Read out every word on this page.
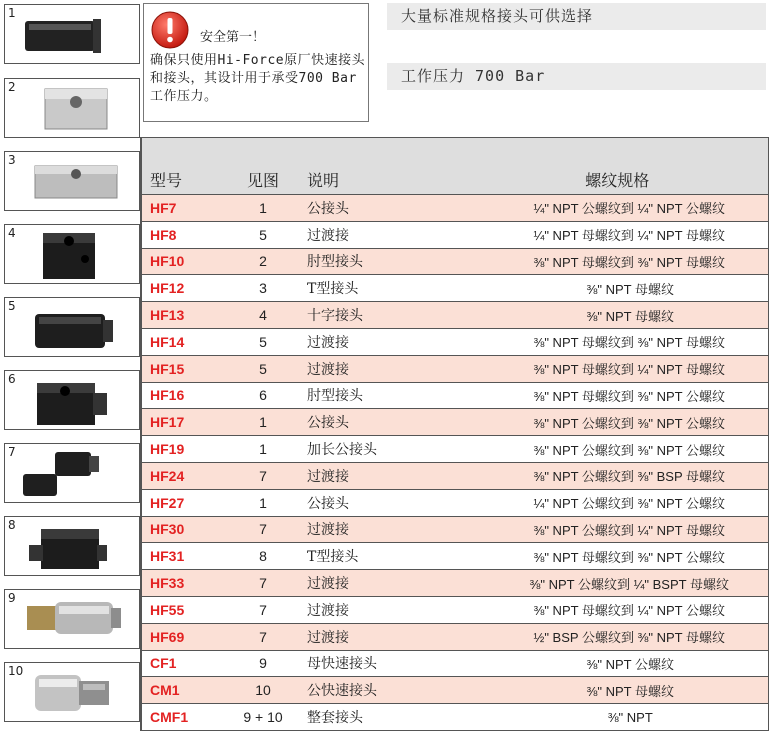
1
2
3
4
5
6
7
8
9
10
安全第一！
确保只使用Hi-Force原厂快速接头和接头，其设计用于承受700 Bar工作压力。
大量标准规格接头可供选择
工作压力 700 Bar
型号	见图	说明	螺纹规格
HF7	1	公接头	¼" NPT 公螺纹到 ¼" NPT 公螺纹
HF8	5	过渡接	¼" NPT 母螺纹到 ¼" NPT 母螺纹
HF10	2	肘型接头	⅜" NPT 母螺纹到 ⅜" NPT 母螺纹
HF12	3	T型接头	⅜" NPT 母螺纹
HF13	4	十字接头	⅜" NPT 母螺纹
HF14	5	过渡接	⅜" NPT 母螺纹到 ⅜" NPT 母螺纹
HF15	5	过渡接	⅜" NPT 母螺纹到 ¼" NPT 母螺纹
HF16	6	肘型接头	⅜" NPT 母螺纹到 ⅜" NPT 公螺纹
HF17	1	公接头	⅜" NPT 公螺纹到 ⅜" NPT 公螺纹
HF19	1	加长公接头	⅜" NPT 公螺纹到 ⅜" NPT 公螺纹
HF24	7	过渡接	⅜" NPT 公螺纹到 ⅜" BSP 母螺纹
HF27	1	公接头	¼" NPT 公螺纹到 ⅜" NPT 公螺纹
HF30	7	过渡接	⅜" NPT 公螺纹到 ¼" NPT 母螺纹
HF31	8	T型接头	⅜" NPT 母螺纹到 ⅜" NPT 公螺纹
HF33	7	过渡接	⅜" NPT 公螺纹到 ¼" BSPT 母螺纹
HF55	7	过渡接	⅜" NPT 母螺纹到 ¼" NPT 公螺纹
HF69	7	过渡接	½" BSP 公螺纹到 ⅜" NPT 母螺纹
CF1	9	母快速接头	⅜" NPT 公螺纹
CM1	10	公快速接头	⅜" NPT 母螺纹
CMF1	9 + 10	整套接头	⅜" NPT
